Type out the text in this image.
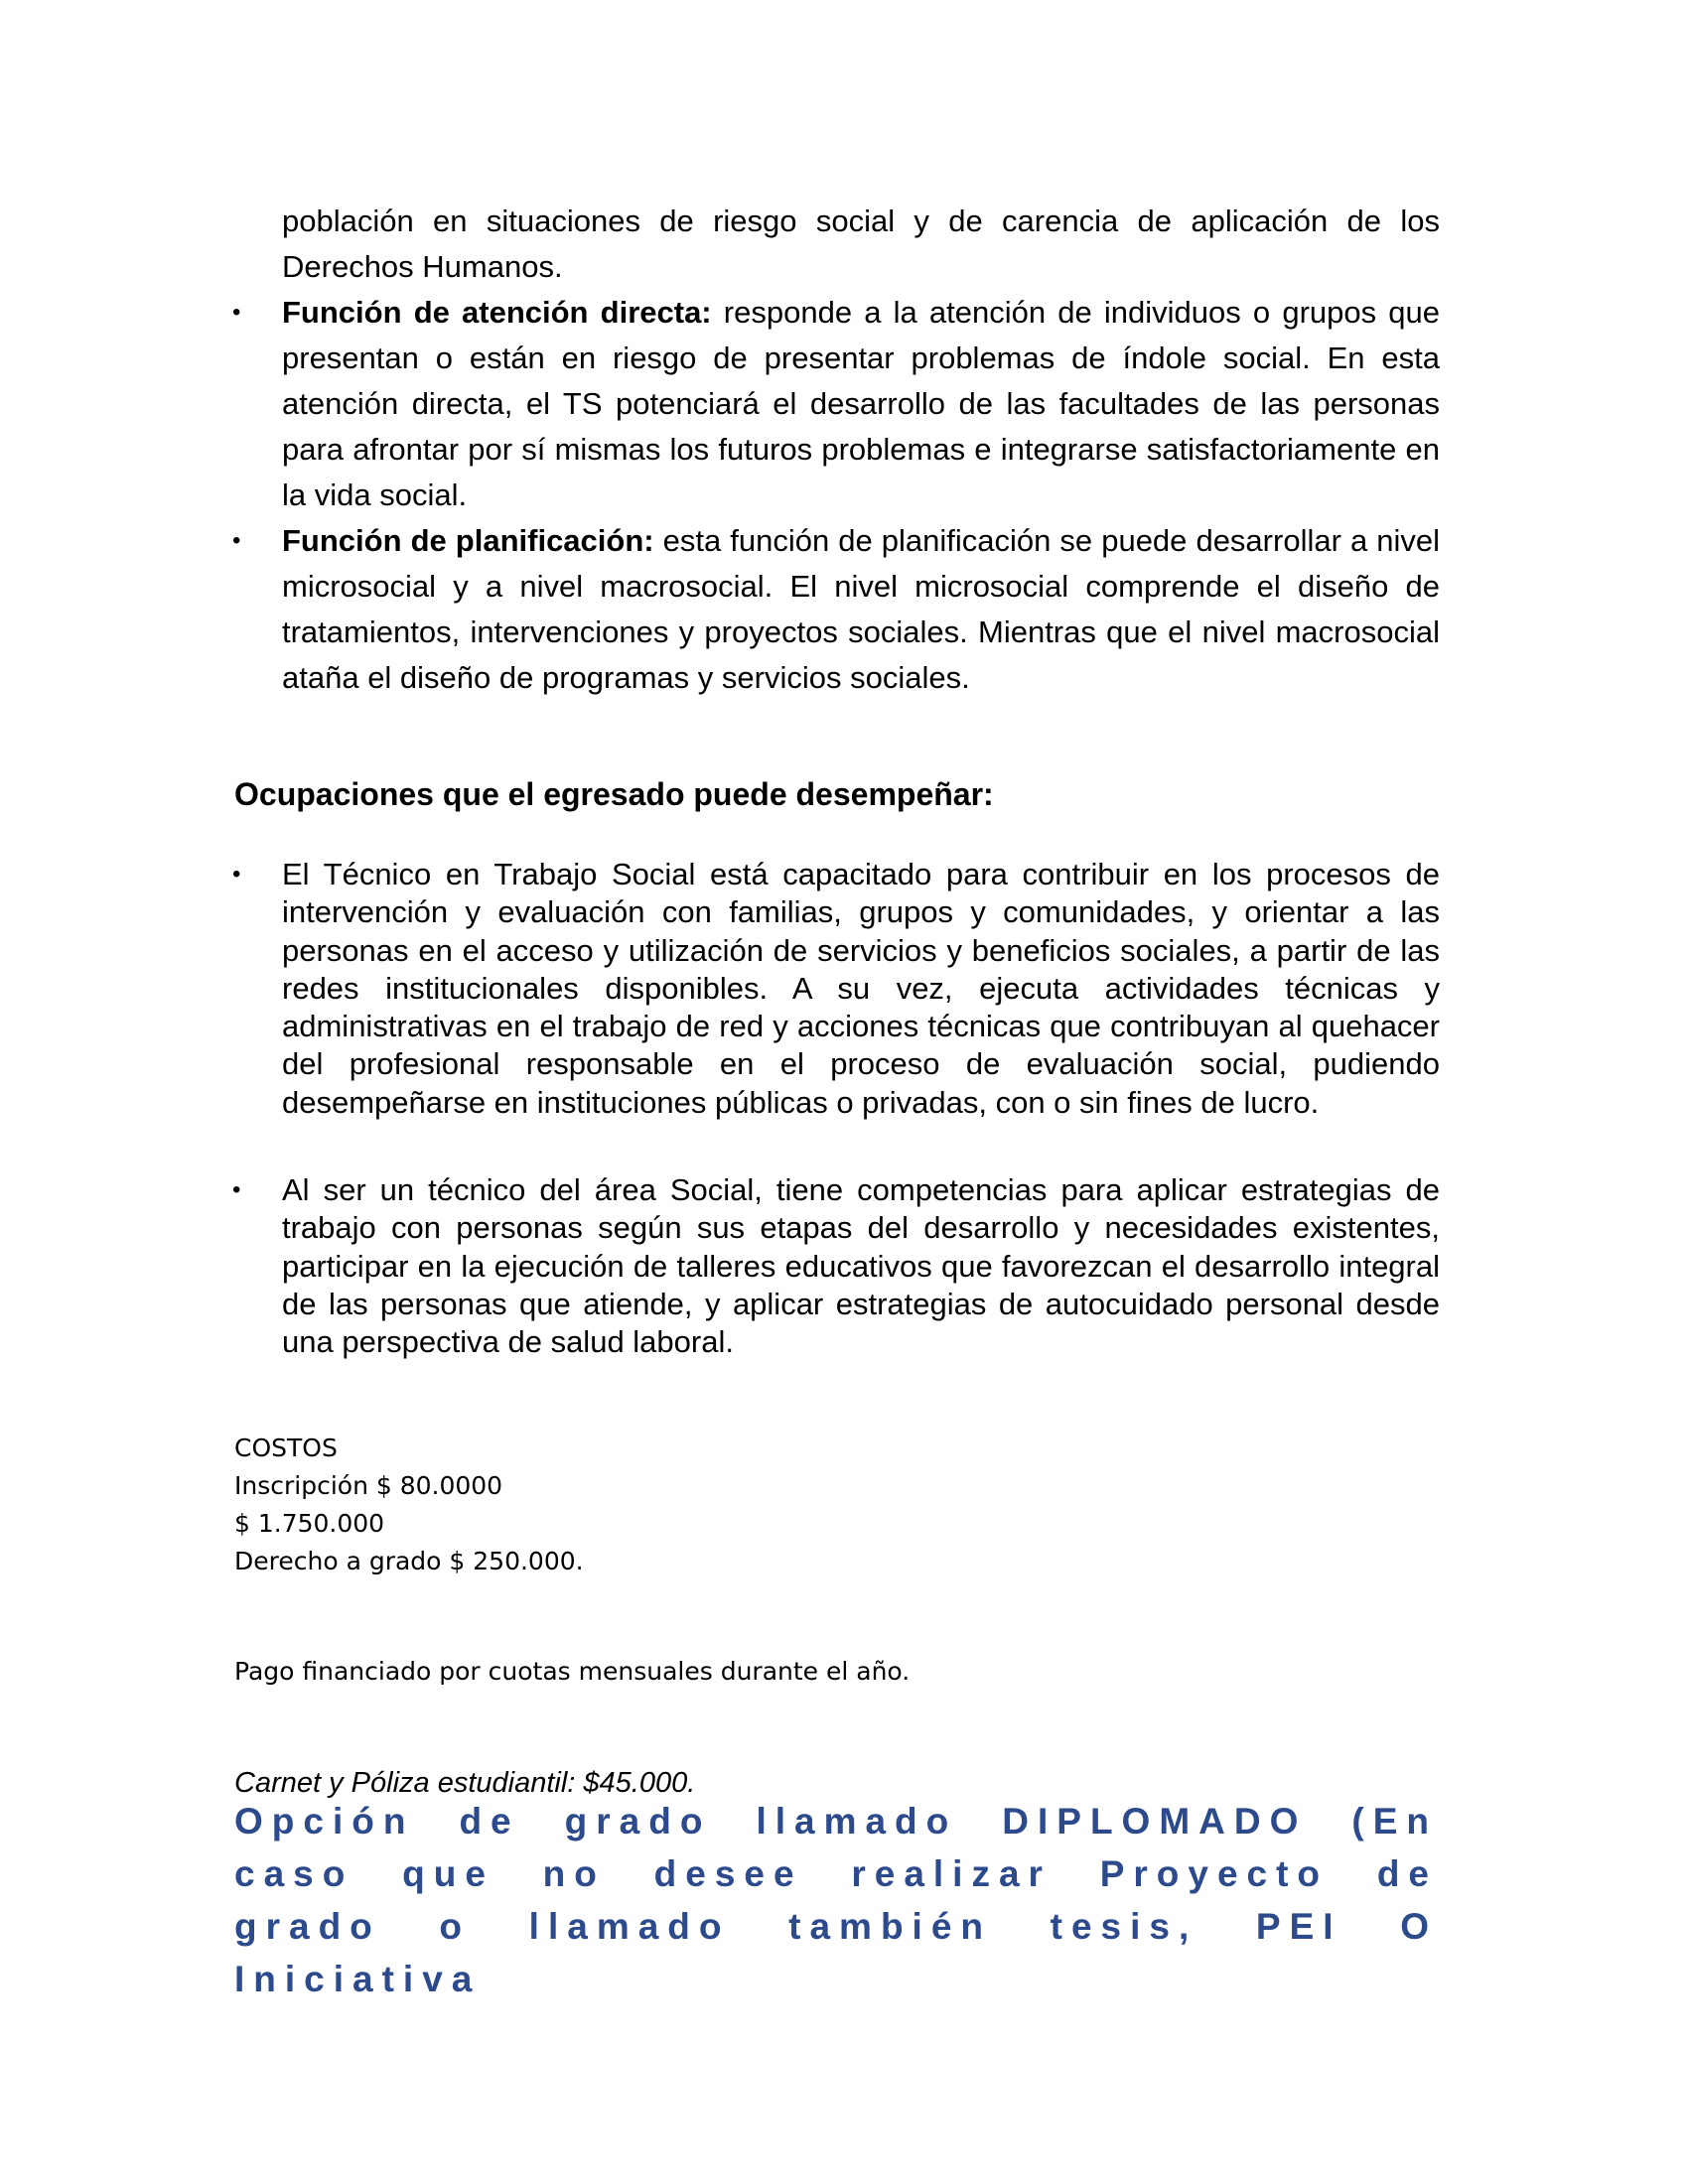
población en situaciones de riesgo social y de carencia de aplicación de los Derechos Humanos.

• Función de atención directa: responde a la atención de individuos o grupos que presentan o están en riesgo de presentar problemas de índole social. En esta atención directa, el TS potenciará el desarrollo de las facultades de las personas para afrontar por sí mismas los futuros problemas e integrarse satisfactoriamente en la vida social.
• Función de planificación: esta función de planificación se puede desarrollar a nivel microsocial y a nivel macrosocial. El nivel microsocial comprende el diseño de tratamientos, intervenciones y proyectos sociales. Mientras que el nivel macrosocial ataña el diseño de programas y servicios sociales.
Ocupaciones que el egresado puede desempeñar:
• El Técnico en Trabajo Social está capacitado para contribuir en los procesos de intervención y evaluación con familias, grupos y comunidades, y orientar a las personas en el acceso y utilización de servicios y beneficios sociales, a partir de las redes institucionales disponibles. A su vez, ejecuta actividades técnicas y administrativas en el trabajo de red y acciones técnicas que contribuyan al quehacer del profesional responsable en el proceso de evaluación social, pudiendo desempeñarse en instituciones públicas o privadas, con o sin fines de lucro.
• Al ser un técnico del área Social, tiene competencias para aplicar estrategias de trabajo con personas según sus etapas del desarrollo y necesidades existentes, participar en la ejecución de talleres educativos que favorezcan el desarrollo integral de las personas que atiende, y aplicar estrategias de autocuidado personal desde una perspectiva de salud laboral.
COSTOS
Inscripción $ 80.0000
$ 1.750.000
Derecho a grado $ 250.000.

Pago financiado por cuotas mensuales durante el año.

Carnet y Póliza estudiantil: $45.000.

Opción de grado llamado DIPLOMADO (En caso que no desee realizar Proyecto de grado o llamado también tesis, PEI O Iniciativa
